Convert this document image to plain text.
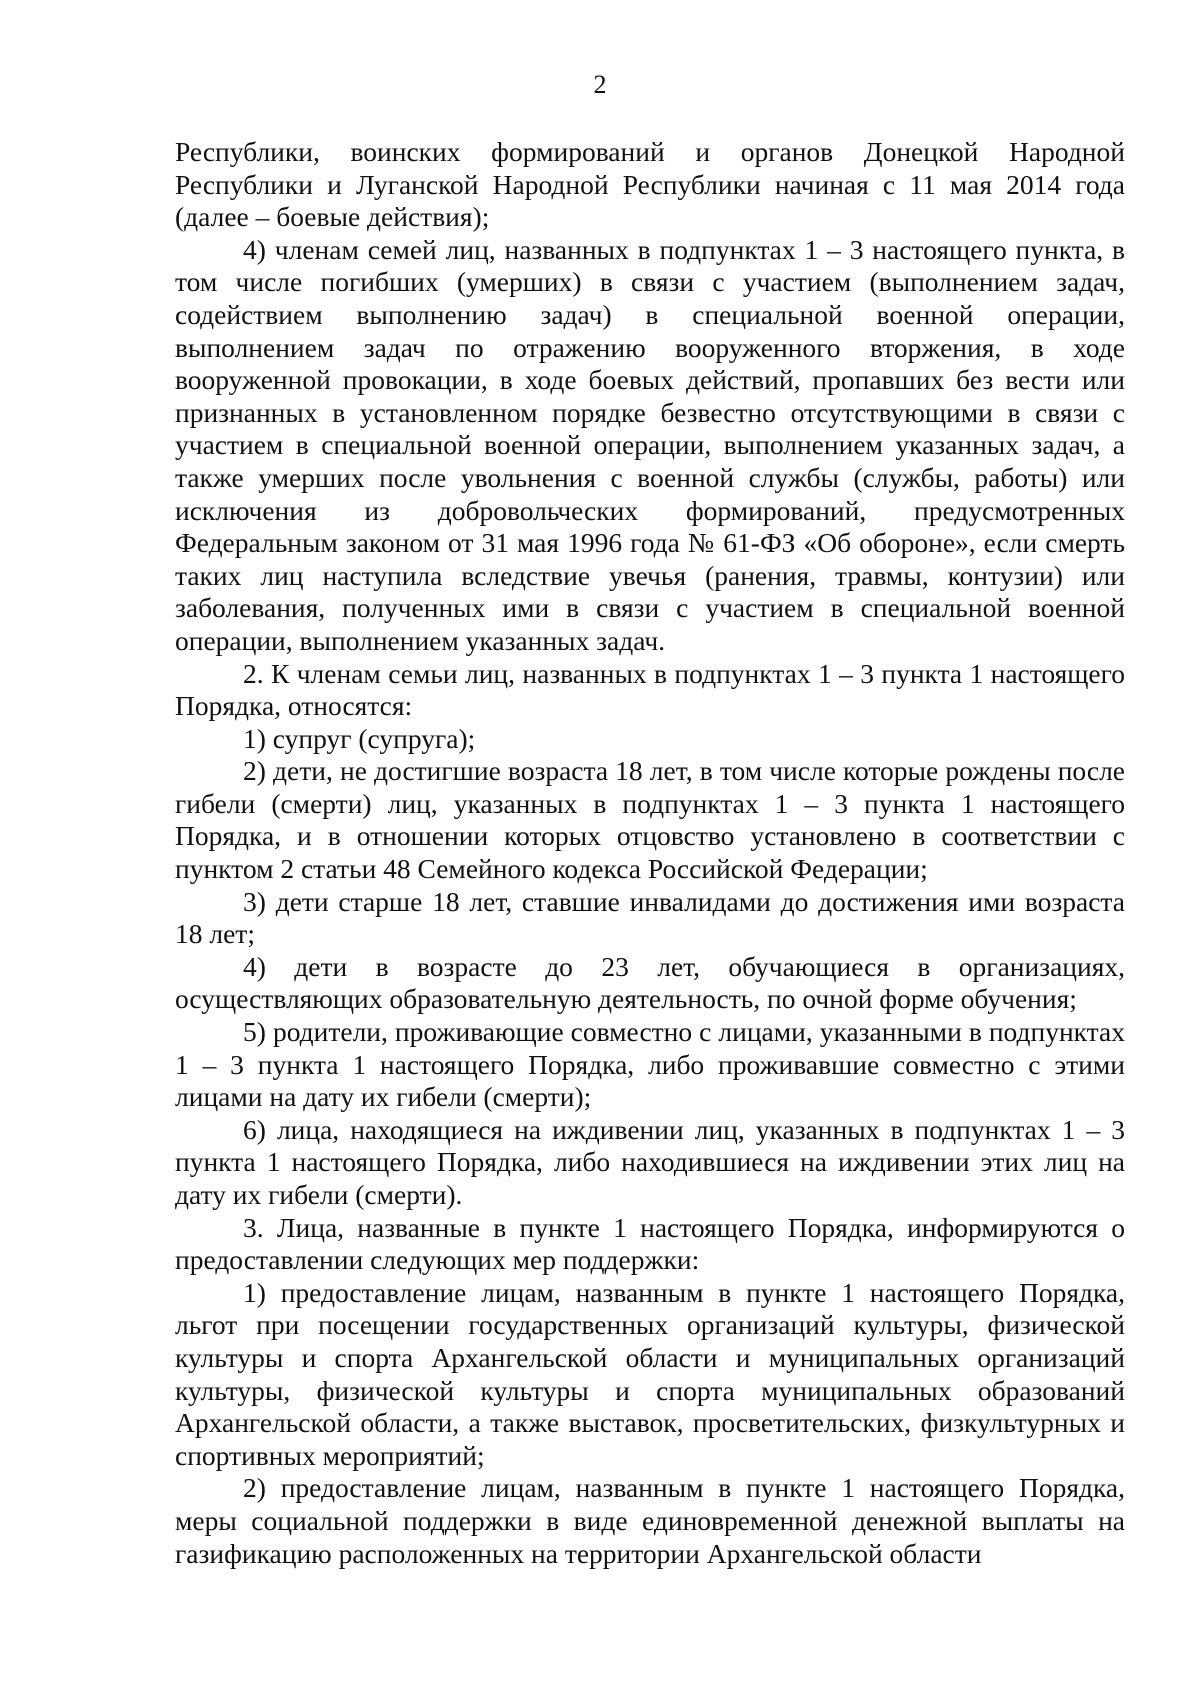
2

Республики, воинских формирований и органов Донецкой Народной Республики и Луганской Народной Республики начиная с 11 мая 2014 года (далее – боевые действия);

4) членам семей лиц, названных в подпунктах 1 – 3 настоящего пункта, в том числе погибших (умерших) в связи с участием (выполнением задач, содействием выполнению задач) в специальной военной операции, выполнением задач по отражению вооруженного вторжения, в ходе вооруженной провокации, в ходе боевых действий, пропавших без вести или признанных в установленном порядке безвестно отсутствующими в связи с участием в специальной военной операции, выполнением указанных задач, а также умерших после увольнения с военной службы (службы, работы) или исключения из добровольческих формирований, предусмотренных Федеральным законом от 31 мая 1996 года № 61-ФЗ «Об обороне», если смерть таких лиц наступила вследствие увечья (ранения, травмы, контузии) или заболевания, полученных ими в связи с участием в специальной военной операции, выполнением указанных задач.

2. К членам семьи лиц, названных в подпунктах 1 – 3 пункта 1 настоящего Порядка, относятся:

1) супруг (супруга);

2) дети, не достигшие возраста 18 лет, в том числе которые рождены после гибели (смерти) лиц, указанных в подпунктах 1 – 3 пункта 1 настоящего Порядка, и в отношении которых отцовство установлено в соответствии с пунктом 2 статьи 48 Семейного кодекса Российской Федерации;

3) дети старше 18 лет, ставшие инвалидами до достижения ими возраста 18 лет;

4) дети в возрасте до 23 лет, обучающиеся в организациях, осуществляющих образовательную деятельность, по очной форме обучения;

5) родители, проживающие совместно с лицами, указанными в подпунктах 1 – 3 пункта 1 настоящего Порядка, либо проживавшие совместно с этими лицами на дату их гибели (смерти);

6) лица, находящиеся на иждивении лиц, указанных в подпунктах 1 – 3 пункта 1 настоящего Порядка, либо находившиеся на иждивении этих лиц на дату их гибели (смерти).

3. Лица, названные в пункте 1 настоящего Порядка, информируются о предоставлении следующих мер поддержки:

1) предоставление лицам, названным в пункте 1 настоящего Порядка, льгот при посещении государственных организаций культуры, физической культуры и спорта Архангельской области и муниципальных организаций культуры, физической культуры и спорта муниципальных образований Архангельской области, а также выставок, просветительских, физкультурных и спортивных мероприятий;

2) предоставление лицам, названным в пункте 1 настоящего Порядка, меры социальной поддержки в виде единовременной денежной выплаты на газификацию расположенных на территории Архангельской области
